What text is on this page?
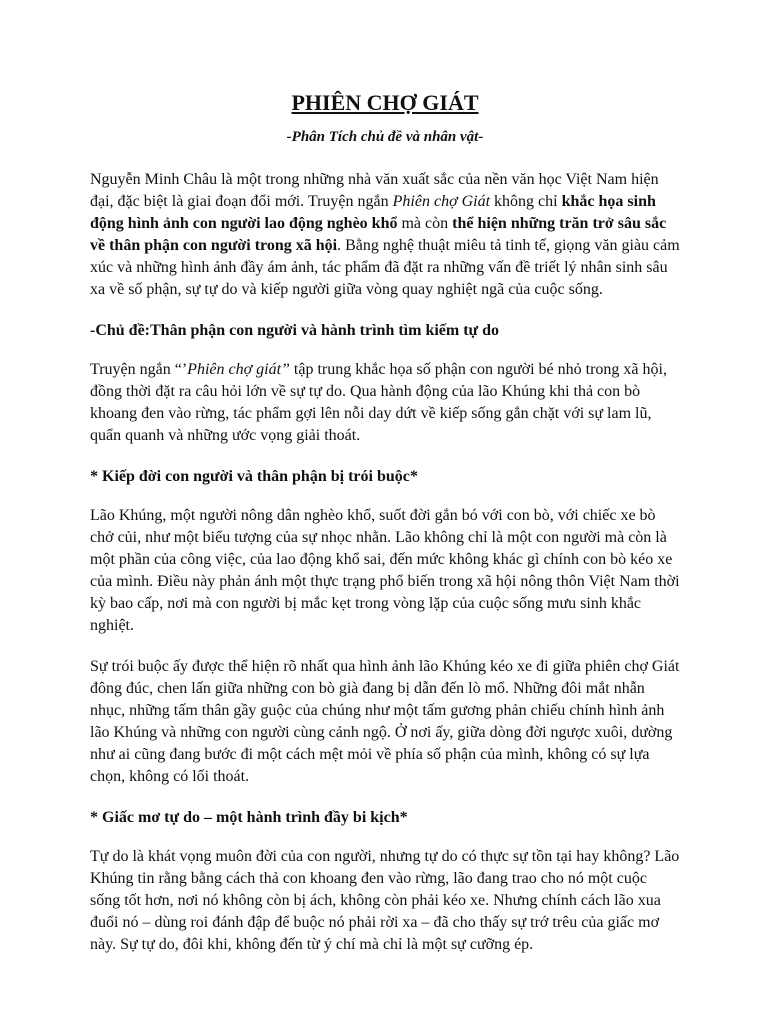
PHIÊN CHỢ GIÁT
-Phân Tích chủ đề và nhân vật-

Nguyễn Minh Châu là một trong những nhà văn xuất sắc của nền văn học Việt Nam hiện đại, đặc biệt là giai đoạn đổi mới. Truyện ngắn Phiên chợ Giát không chỉ khắc họa sinh động hình ảnh con người lao động nghèo khổ mà còn thể hiện những trăn trở sâu sắc về thân phận con người trong xã hội. Bằng nghệ thuật miêu tả tinh tế, giọng văn giàu cảm xúc và những hình ảnh đầy ám ảnh, tác phẩm đã đặt ra những vấn đề triết lý nhân sinh sâu xa về số phận, sự tự do và kiếp người giữa vòng quay nghiệt ngã của cuộc sống.

-Chủ đề:Thân phận con người và hành trình tìm kiếm tự do

Truyện ngắn “’Phiên chợ giát” tập trung khắc họa số phận con người bé nhỏ trong xã hội, đồng thời đặt ra câu hỏi lớn về sự tự do. Qua hành động của lão Khúng khi thả con bò khoang đen vào rừng, tác phẩm gợi lên nỗi day dứt về kiếp sống gắn chặt với sự lam lũ, quẩn quanh và những ước vọng giải thoát.

* Kiếp đời con người và thân phận bị trói buộc*

Lão Khúng, một người nông dân nghèo khổ, suốt đời gắn bó với con bò, với chiếc xe bò chở củi, như một biểu tượng của sự nhọc nhằn. Lão không chỉ là một con người mà còn là một phần của công việc, của lao động khổ sai, đến mức không khác gì chính con bò kéo xe của mình. Điều này phản ánh một thực trạng phổ biến trong xã hội nông thôn Việt Nam thời kỳ bao cấp, nơi mà con người bị mắc kẹt trong vòng lặp của cuộc sống mưu sinh khắc nghiệt.

Sự trói buộc ấy được thể hiện rõ nhất qua hình ảnh lão Khúng kéo xe đi giữa phiên chợ Giát đông đúc, chen lấn giữa những con bò già đang bị dẫn đến lò mổ. Những đôi mắt nhẫn nhục, những tấm thân gầy guộc của chúng như một tấm gương phản chiếu chính hình ảnh lão Khúng và những con người cùng cảnh ngộ. Ở nơi ấy, giữa dòng đời ngược xuôi, dường như ai cũng đang bước đi một cách mệt mỏi về phía số phận của mình, không có sự lựa chọn, không có lối thoát.

* Giấc mơ tự do – một hành trình đầy bi kịch*

Tự do là khát vọng muôn đời của con người, nhưng tự do có thực sự tồn tại hay không? Lão Khúng tin rằng bằng cách thả con khoang đen vào rừng, lão đang trao cho nó một cuộc sống tốt hơn, nơi nó không còn bị ách, không còn phải kéo xe. Nhưng chính cách lão xua đuổi nó – dùng roi đánh đập để buộc nó phải rời xa – đã cho thấy sự trớ trêu của giấc mơ này. Sự tự do, đôi khi, không đến từ ý chí mà chỉ là một sự cưỡng ép.
